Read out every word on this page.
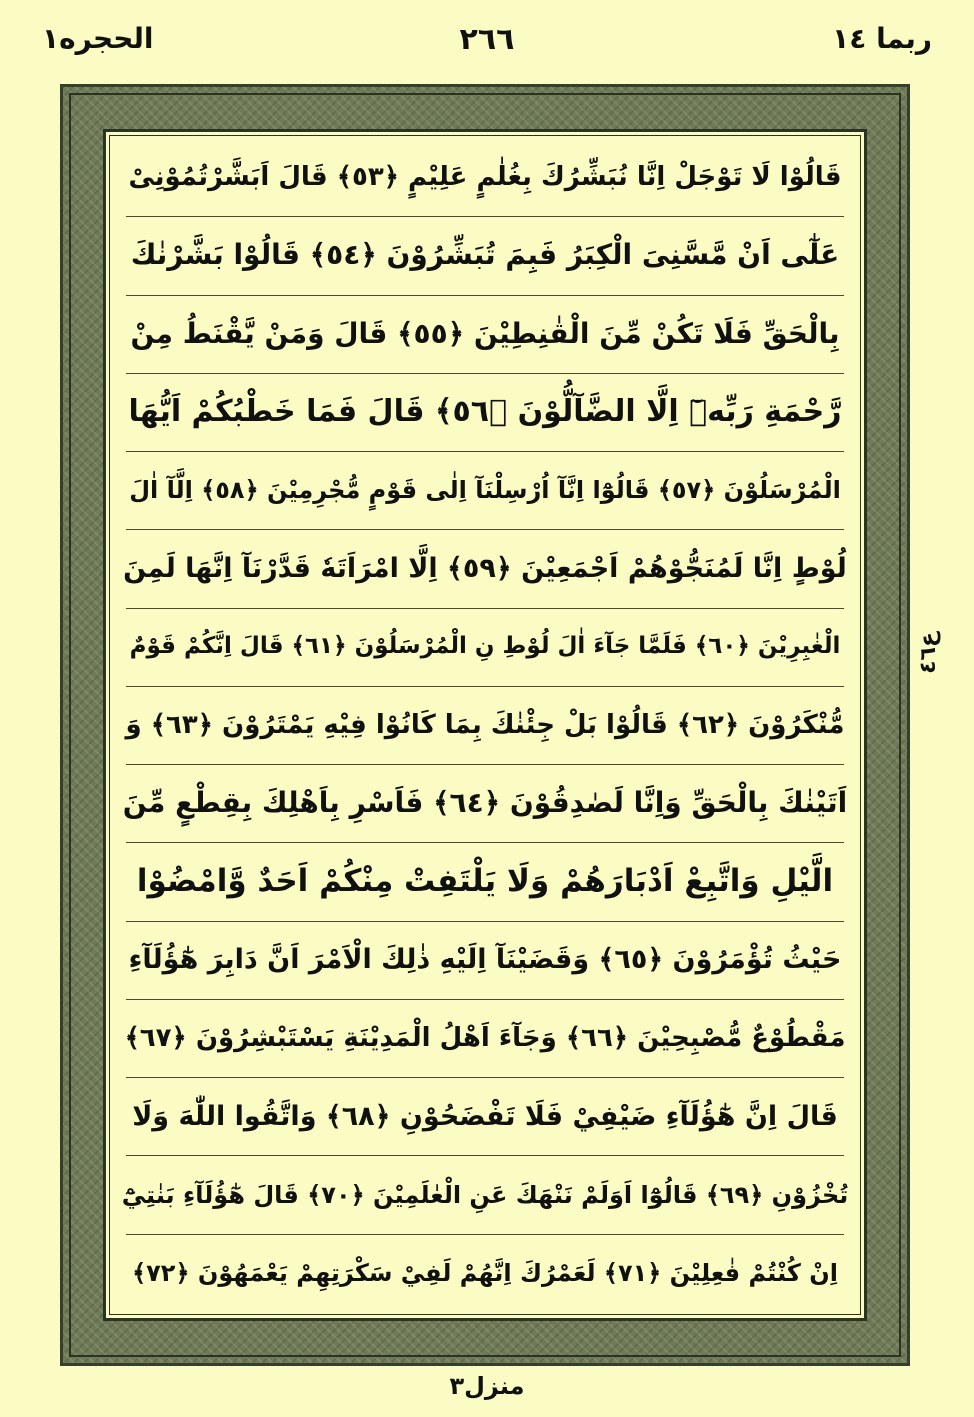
الحجره١	٢٦٦	ربما ١٤
قَالُوْا لَا تَوْجَلْ اِنَّا نُبَشِّرُكَ بِغُلٰمٍ عَلِيْمٍ ﴿٥٣﴾ قَالَ اَبَشَّرْتُمُوْنِىْ
عَلٰٓى اَنْ مَّسَّنِىَ الْكِبَرُ فَبِمَ تُبَشِّرُوْنَ ﴿٥٤﴾ قَالُوْا بَشَّرْنٰكَ
بِالْحَقِّ فَلَا تَكُنْ مِّنَ الْقٰنِطِيْنَ ﴿٥٥﴾ قَالَ وَمَنْ يَّقْنَطُ مِنْ
رَّحْمَةِ رَبِّهٖٓ اِلَّا الضَّآلُّوْنَ ﴿٥٦﴾ قَالَ فَمَا خَطْبُكُمْ اَيُّهَا
الْمُرْسَلُوْنَ ﴿٥٧﴾ قَالُوْٓا اِنَّآ اُرْسِلْنَآ اِلٰى قَوْمٍ مُّجْرِمِيْنَ ﴿٥٨﴾ اِلَّآ اٰلَ
لُوْطٍ اِنَّا لَمُنَجُّوْهُمْ اَجْمَعِيْنَ ﴿٥٩﴾ اِلَّا امْرَاَتَهٗ قَدَّرْنَآ اِنَّهَا لَمِنَ
الْغٰبِرِيْنَ ﴿٦٠﴾ فَلَمَّا جَآءَ اٰلَ لُوْطِ نِ الْمُرْسَلُوْنَ ﴿٦١﴾ قَالَ اِنَّكُمْ قَوْمٌ
مُّنْكَرُوْنَ ﴿٦٢﴾ قَالُوْا بَلْ جِئْنٰكَ بِمَا كَانُوْا فِيْهِ يَمْتَرُوْنَ ﴿٦٣﴾ وَ
اَتَيْنٰكَ بِالْحَقِّ وَاِنَّا لَصٰدِقُوْنَ ﴿٦٤﴾ فَاَسْرِ بِاَهْلِكَ بِقِطْعٍ مِّنَ
الَّيْلِ وَاتَّبِعْ اَدْبَارَهُمْ وَلَا يَلْتَفِتْ مِنْكُمْ اَحَدٌ وَّامْضُوْا
حَيْثُ تُؤْمَرُوْنَ ﴿٦٥﴾ وَقَضَيْنَآ اِلَيْهِ ذٰلِكَ الْاَمْرَ اَنَّ دَابِرَ هٰٓؤُلَآءِ
مَقْطُوْعٌ مُّصْبِحِيْنَ ﴿٦٦﴾ وَجَآءَ اَهْلُ الْمَدِيْنَةِ يَسْتَبْشِرُوْنَ ﴿٦٧﴾
قَالَ اِنَّ هٰٓؤُلَآءِ ضَيْفِيْ فَلَا تَفْضَحُوْنِ ﴿٦٨﴾ وَاتَّقُوا اللّٰهَ وَلَا
تُخْزُوْنِ ﴿٦٩﴾ قَالُوْٓا اَوَلَمْ نَنْهَكَ عَنِ الْعٰلَمِيْنَ ﴿٧٠﴾ قَالَ هٰٓؤُلَآءِ بَنٰتِيْٓ
اِنْ كُنْتُمْ فٰعِلِيْنَ ﴿٧١﴾ لَعَمْرُكَ اِنَّهُمْ لَفِيْ سَكْرَتِهِمْ يَعْمَهُوْنَ ﴿٧٢﴾
ع٤٦
منزل٣
